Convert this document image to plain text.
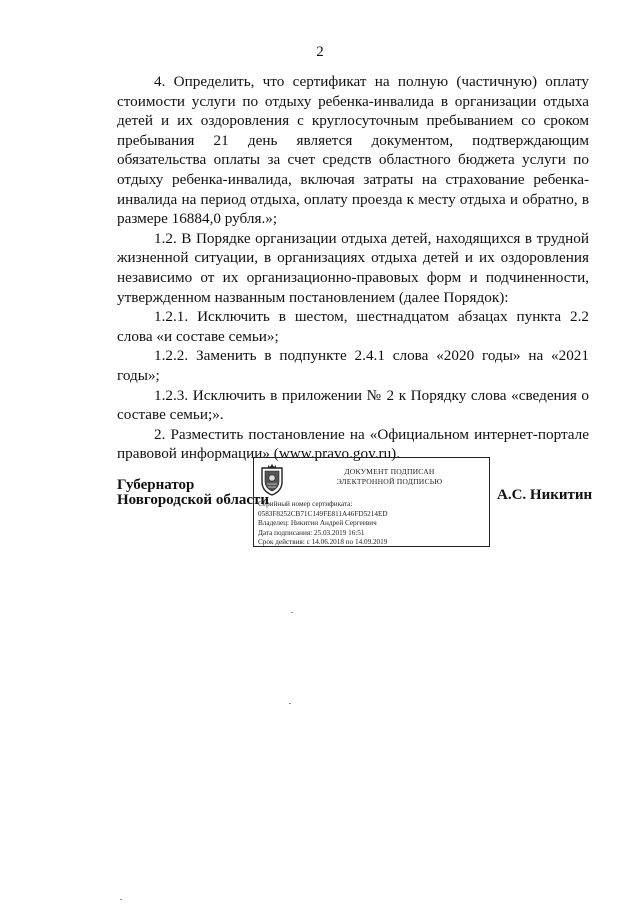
2

4. Определить, что сертификат на полную (частичную) оплату стоимости услуги по отдыху ребенка-инвалида в организации отдыха детей и их оздоровления с круглосуточным пребыванием со сроком пребывания 21 день является документом, подтверждающим обязательства оплаты за счет средств областного бюджета услуги по отдыху ребенка-инвалида, включая затраты на страхование ребенка-инвалида на период отдыха, оплату проезда к месту отдыха и обратно, в размере 16884,0 рубля.»;

1.2. В Порядке организации отдыха детей, находящихся в трудной жизненной ситуации, в организациях отдыха детей и их оздоровления независимо от их организационно-правовых форм и подчиненности, утвержденном названным постановлением (далее Порядок):

1.2.1. Исключить в шестом, шестнадцатом абзацах пункта 2.2 слова «и составе семьи»;

1.2.2. Заменить в подпункте 2.4.1 слова «2020 годы» на «2021 годы»;

1.2.3. Исключить в приложении № 2 к Порядку слова «сведения о составе семьи;».

2. Разместить постановление на «Официальном интернет-портале правовой информации» (www.pravo.gov.ru).

Губернатор
Новгородской области
ДОКУМЕНТ ПОДПИСАН
ЭЛЕКТРОННОЙ ПОДПИСЬЮ
Серийный номер сертификата:
0583F8252CB71C149FE811A46FD5214ED
Владелец: Никитин Андрей Сергеевич
Дата подписания: 25.03.2019 16:51
Срок действия: с 14.06.2018 по 14.09.2019
А.С. Никитин
